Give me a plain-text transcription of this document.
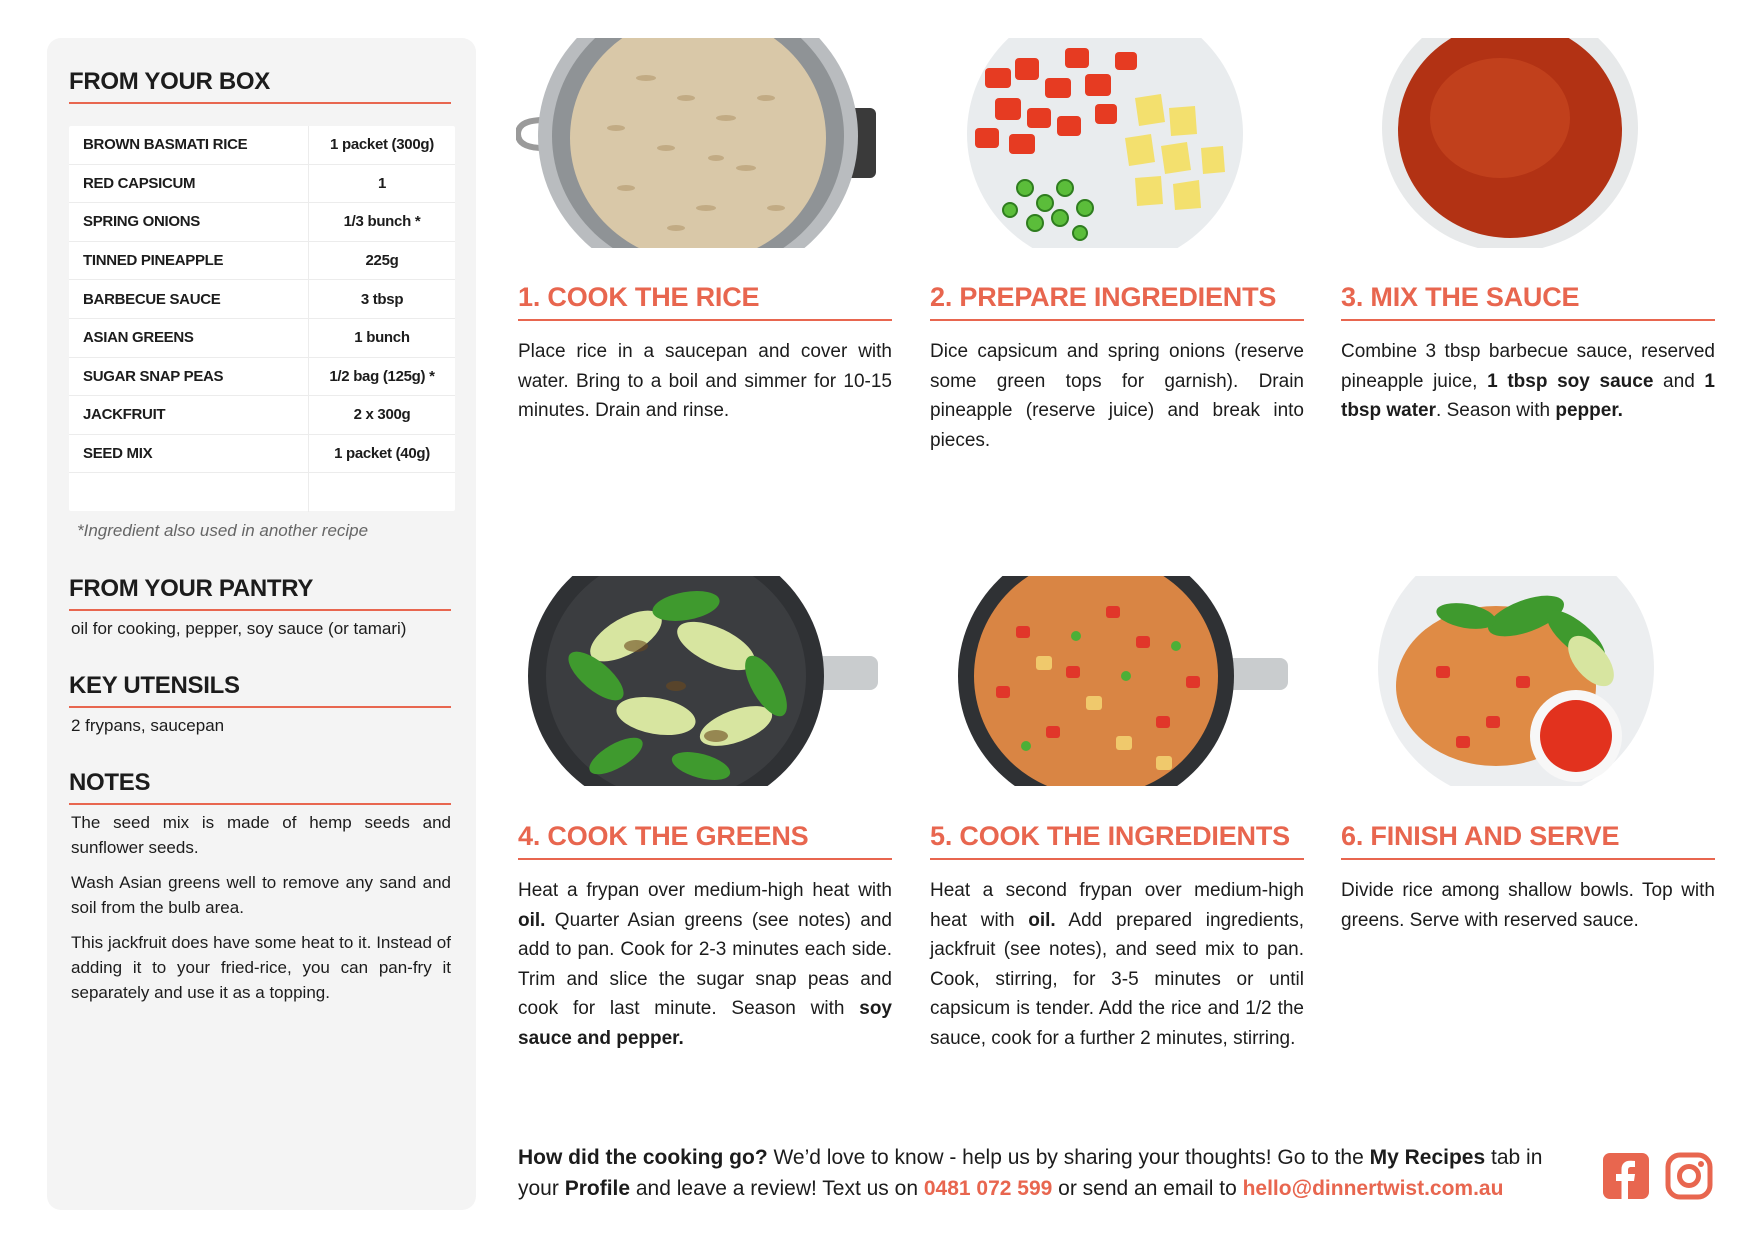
FROM YOUR BOX
BROWN BASMATI RICE	1 packet (300g)
RED CAPSICUM	1
SPRING ONIONS	1/3 bunch *
TINNED PINEAPPLE	225g
BARBECUE SAUCE	3 tbsp
ASIAN GREENS	1 bunch
SUGAR SNAP PEAS	1/2 bag (125g) *
JACKFRUIT	2 x 300g
SEED MIX	1 packet (40g)
*Ingredient also used in another recipe
FROM YOUR PANTRY
oil for cooking, pepper, soy sauce (or tamari)
KEY UTENSILS
2 frypans, saucepan
NOTES

The seed mix is made of hemp seeds and sunflower seeds.

Wash Asian greens well to remove any sand and soil from the bulb area.

This jackfruit does have some heat to it. Instead of adding it to your fried-rice, you can pan-fry it separately and use it as a topping.

1. COOK THE RICE
Place rice in a saucepan and cover with water. Bring to a boil and simmer for 10-15 minutes. Drain and rinse.
2. PREPARE INGREDIENTS
Dice capsicum and spring onions (reserve some green tops for garnish). Drain pineapple (reserve juice) and break into pieces.
3. MIX THE SAUCE
Combine 3 tbsp barbecue sauce, reserved pineapple juice, 1 tbsp soy sauce and 1 tbsp water. Season with pepper.
4. COOK THE GREENS
Heat a frypan over medium-high heat with oil. Quarter Asian greens (see notes) and add to pan. Cook for 2-3 minutes each side. Trim and slice the sugar snap peas and cook for last minute. Season with soy sauce and pepper.
5. COOK THE INGREDIENTS
Heat a second frypan over medium-high heat with oil. Add prepared ingredients, jackfruit (see notes), and seed mix to pan. Cook, stirring, for 3-5 minutes or until capsicum is tender. Add the rice and 1/2 the sauce, cook for a further 2 minutes, stirring.
6. FINISH AND SERVE
Divide rice among shallow bowls. Top with greens. Serve with reserved sauce.
How did the cooking go? We’d love to know - help us by sharing your thoughts! Go to the My Recipes tab in your Profile and leave a review! Text us on 0481 072 599 or send an email to hello@dinnertwist.com.au
